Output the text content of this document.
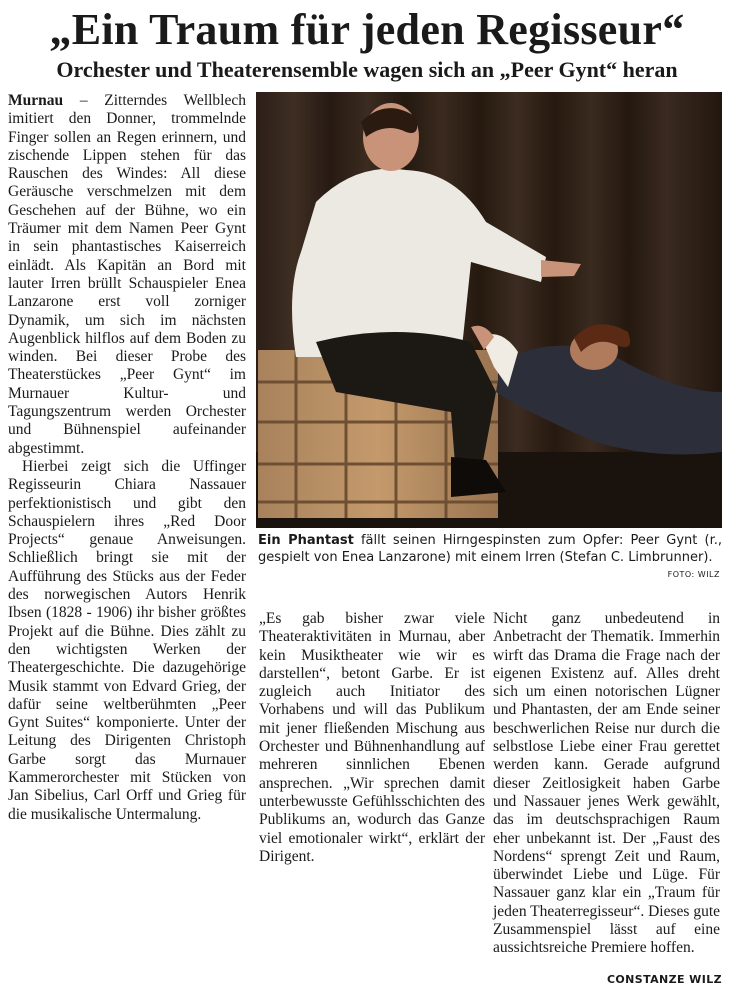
„Ein Traum für jeden Regisseur“
Orchester und Theaterensemble wagen sich an „Peer Gynt“ heran

Murnau – Zitterndes Wellblech imitiert den Donner, trommelnde Finger sollen an Regen erinnern, und zischende Lippen stehen für das Rauschen des Windes: All diese Geräusche verschmelzen mit dem Geschehen auf der Bühne, wo ein Träumer mit dem Namen Peer Gynt in sein phantastisches Kaiserreich einlädt. Als Kapitän an Bord mit lauter Irren brüllt Schauspieler Enea Lanzarone erst voll zorniger Dynamik, um sich im nächsten Augenblick hilflos auf dem Boden zu winden. Bei dieser Probe des Theaterstückes „Peer Gynt“ im Murnauer Kultur- und Tagungszentrum werden Orchester und Bühnenspiel aufeinander abgestimmt.

Hierbei zeigt sich die Uffinger Regisseurin Chiara Nassauer perfektionistisch und gibt den Schauspielern ihres „Red Door Projects“ genaue Anweisungen. Schließlich bringt sie mit der Aufführung des Stücks aus der Feder des norwegischen Autors Henrik Ibsen (1828 - 1906) ihr bisher größtes Projekt auf die Bühne. Dies zählt zu den wichtigsten Werken der Theatergeschichte. Die dazugehörige Musik stammt von Edvard Grieg, der dafür seine weltberühmten „Peer Gynt Suites“ komponierte. Unter der Leitung des Dirigenten Christoph Garbe sorgt das Murnauer Kammerorchester mit Stücken von Jan Sibelius, Carl Orff und Grieg für die musikalische Untermalung.

Ein Phantast fällt seinen Hirngespinsten zum Opfer: Peer Gynt (r., gespielt von Enea Lanzarone) mit einem Irren (Stefan C. Limbrunner).
FOTO: WILZ

„Es gab bisher zwar viele Theateraktivitäten in Murnau, aber kein Musiktheater wie wir es darstellen“, betont Garbe. Er ist zugleich auch Initiator des Vorhabens und will das Publikum mit jener fließenden Mischung aus Orchester und Bühnenhandlung auf mehreren sinnlichen Ebenen ansprechen. „Wir sprechen damit unterbewusste Gefühlsschichten des Publikums an, wodurch das Ganze viel emotionaler wirkt“, erklärt der Dirigent.

Nicht ganz unbedeutend in Anbetracht der Thematik. Immerhin wirft das Drama die Frage nach der eigenen Existenz auf. Alles dreht sich um einen notorischen Lügner und Phantasten, der am Ende seiner beschwerlichen Reise nur durch die selbstlose Liebe einer Frau gerettet werden kann. Gerade aufgrund dieser Zeitlosigkeit haben Garbe und Nassauer jenes Werk gewählt, das im deutschsprachigen Raum eher unbekannt ist. Der „Faust des Nordens“ sprengt Zeit und Raum, überwindet Liebe und Lüge. Für Nassauer ganz klar ein „Traum für jeden Theaterregisseur“. Dieses gute Zusammenspiel lässt auf eine aussichtsreiche Premiere hoffen.

CONSTANZE WILZ
